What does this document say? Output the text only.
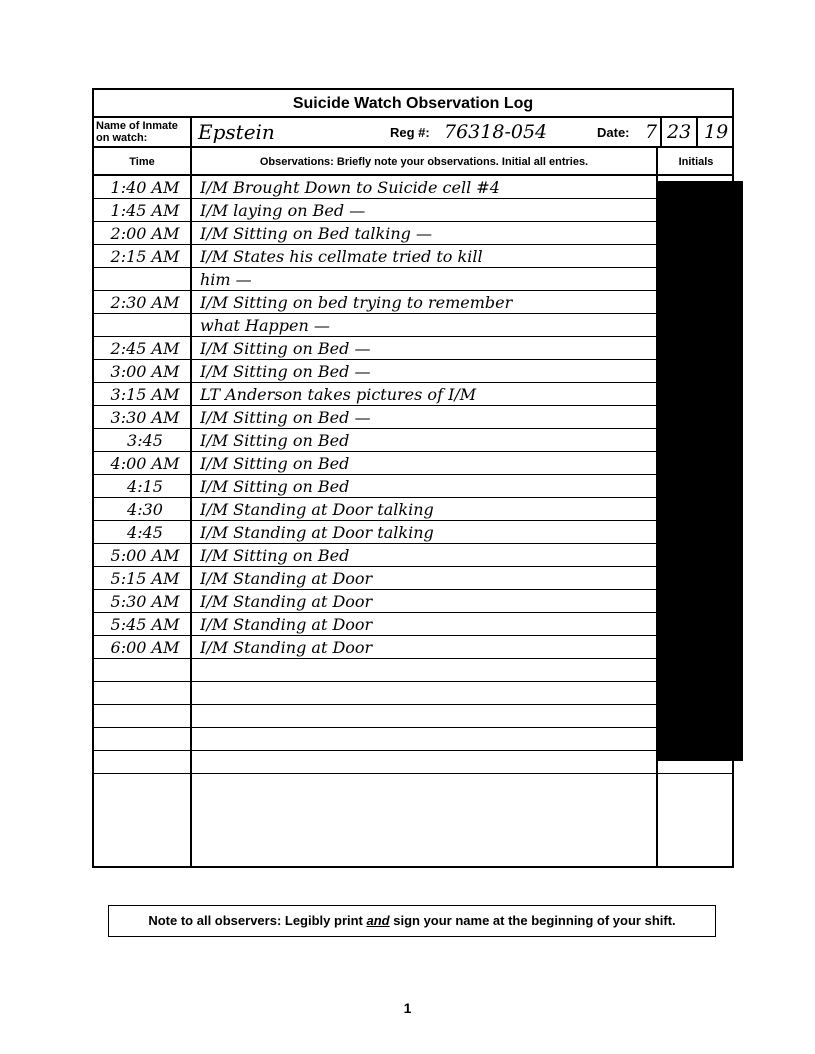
Suicide Watch Observation Log
Name of Inmate on watch:	Epstein	Reg #: 76318-054	Date: 7 23 19
Time	Observations: Briefly note your observations. Initial all entries.	Initials
1:40 AM	I/M Brought Down to Suicide cell #4
1:45 AM	I/M laying on Bed —
2:00 AM	I/M Sitting on Bed talking —
2:15 AM	I/M States his cellmate tried to kill
him —
2:30 AM	I/M Sitting on bed trying to remember
what Happen —
2:45 AM	I/M Sitting on Bed —
3:00 AM	I/M Sitting on Bed —
3:15 AM	LT Anderson takes pictures of I/M
3:30 AM	I/M Sitting on Bed —
3:45	I/M Sitting on Bed
4:00 AM	I/M Sitting on Bed
4:15	I/M Sitting on Bed
4:30	I/M Standing at Door talking
4:45	I/M Standing at Door talking
5:00 AM	I/M Sitting on Bed
5:15 AM	I/M Standing at Door
5:30 AM	I/M Standing at Door
5:45 AM	I/M Standing at Door
6:00 AM	I/M Standing at Door
Note to all observers: Legibly print and sign your name at the beginning of your shift.
1
